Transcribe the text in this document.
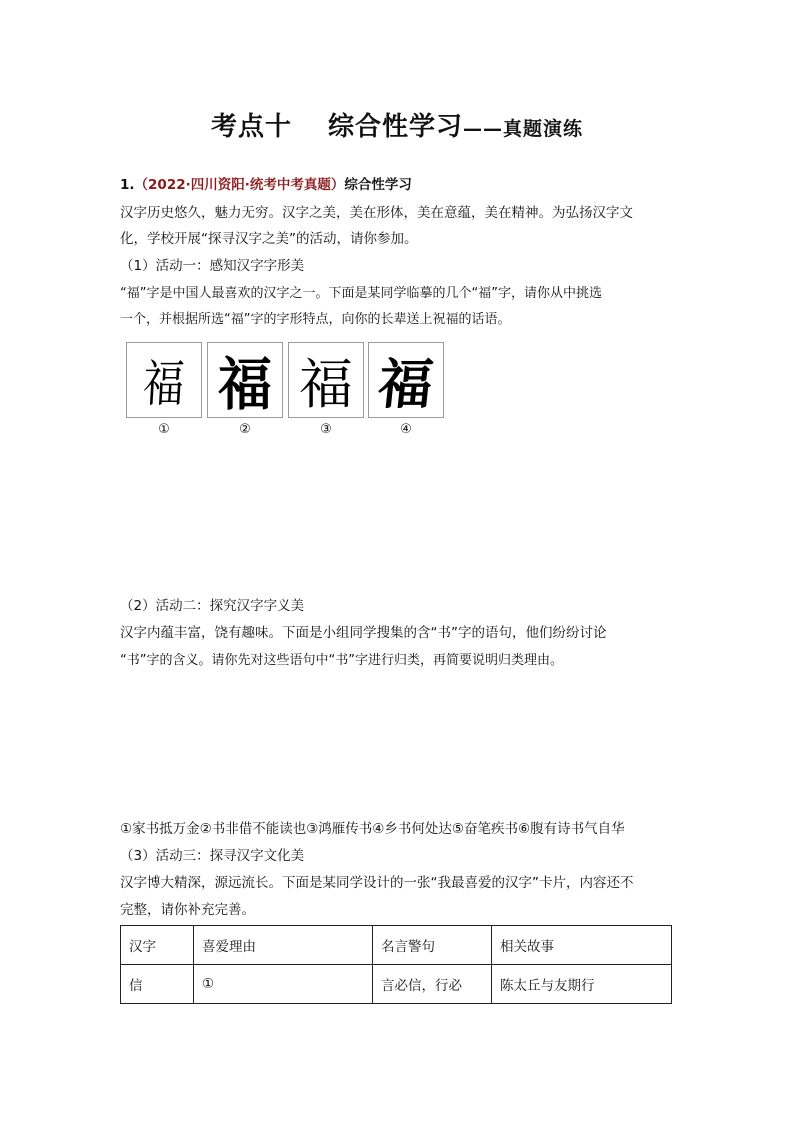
考点十 综合性学习——真题演练
1.（2022·四川资阳·统考中考真题）综合性学习
汉字历史悠久，魅力无穷。汉字之美，美在形体，美在意蕴，美在精神。为弘扬汉字文
化，学校开展“探寻汉字之美”的活动，请你参加。
（1）活动一：感知汉字字形美
“福”字是中国人最喜欢的汉字之一。下面是某同学临摹的几个“福”字，请你从中挑选
一个，并根据所选“福”字的字形特点，向你的长辈送上祝福的话语。
福 福 福 福
①	②	③	④
（2）活动二：探究汉字字义美
汉字内蕴丰富，饶有趣味。下面是小组同学搜集的含“书”字的语句，他们纷纷讨论
“书”字的含义。请你先对这些语句中“书”字进行归类，再简要说明归类理由。
①家书抵万金②书非借不能读也③鸿雁传书④乡书何处达⑤奋笔疾书⑥腹有诗书气自华
（3）活动三：探寻汉字文化美
汉字博大精深，源远流长。下面是某同学设计的一张“我最喜爱的汉字”卡片，内容还不
完整，请你补充完善。
汉字	喜爱理由	名言警句	相关故事
信	①	言必信，行必	陈太丘与友期行
